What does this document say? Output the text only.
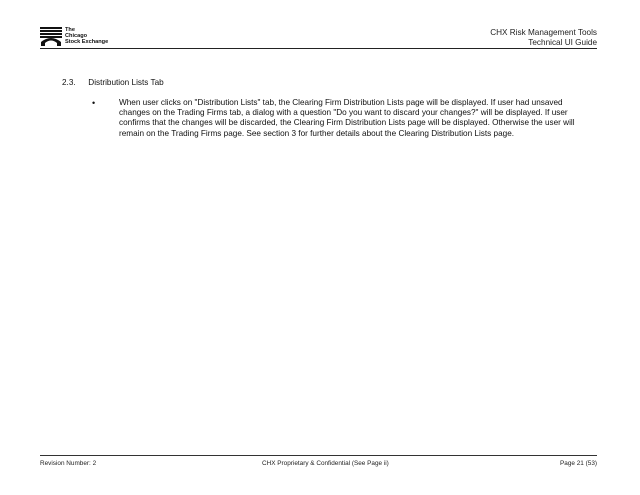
The
Chicago
Stock Exchange
CHX Risk Management Tools
Technical UI Guide
2.3. Distribution Lists Tab
•	When user clicks on "Distribution Lists" tab, the Clearing Firm Distribution Lists page will be displayed. If user had unsaved changes on the Trading Firms tab, a dialog with a question "Do you want to discard your changes?" will be displayed. If user confirms that the changes will be discarded, the Clearing Firm Distribution Lists page will be displayed. Otherwise the user will remain on the Trading Firms page. See section 3 for further details about the Clearing Distribution Lists page.
Revision Number: 2	CHX Proprietary & Confidential (See Page ii)	Page 21 (53)
